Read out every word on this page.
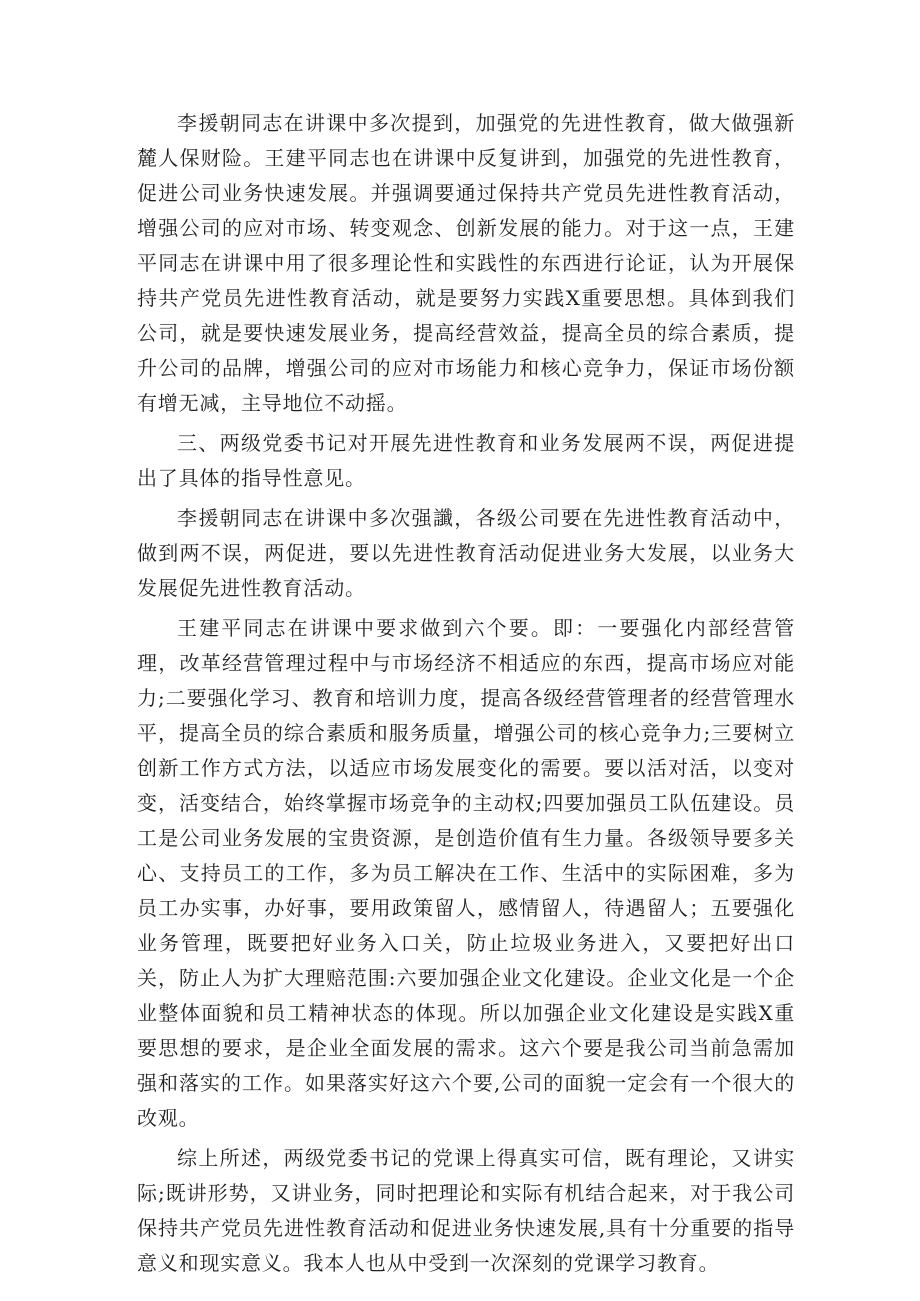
李援朝同志在讲课中多次提到，加强党的先进性教育，做大做强新麓人保财险。王建平同志也在讲课中反复讲到，加强党的先进性教育，促进公司业务快速发展。并强调要通过保持共产党员先进性教育活动，增强公司的应对市场、转变观念、创新发展的能力。对于这一点，王建平同志在讲课中用了很多理论性和实践性的东西进行论证，认为开展保持共产党员先进性教育活动，就是要努力实践X重要思想。具体到我们公司，就是要快速发展业务，提高经营效益，提高全员的综合素质，提升公司的品牌，增强公司的应对市场能力和核心竞争力，保证市场份额有增无减，主导地位不动摇。

三、两级党委书记对开展先进性教育和业务发展两不误，两促进提出了具体的指导性意见。

李援朝同志在讲课中多次强讖，各级公司要在先进性教育活动中，做到两不误，两促进，要以先进性教育活动促进业务大发展，以业务大发展促先进性教育活动。

王建平同志在讲课中要求做到六个要。即：一要强化内部经营管理，改革经营管理过程中与市场经济不相适应的东西，提高市场应对能力;二要强化学习、教育和培训力度，提高各级经营管理者的经营管理水平，提高全员的综合素质和服务质量，增强公司的核心竞争力;三要树立创新工作方式方法，以适应市场发展变化的需要。要以活对活，以变对变，活变结合，始终掌握市场竞争的主动权;四要加强员工队伍建设。员工是公司业务发展的宝贵资源，是创造价值有生力量。各级领导要多关心、支持员工的工作，多为员工解决在工作、生活中的实际困难，多为员工办实事，办好事，要用政策留人，感情留人，待遇留人；五要强化业务管理，既要把好业务入口关，防止垃圾业务进入，又要把好出口关，防止人为扩大理赔范围:六要加强企业文化建设。企业文化是一个企业整体面貌和员工精神状态的体现。所以加强企业文化建设是实践X重要思想的要求，是企业全面发展的需求。这六个要是我公司当前急需加强和落实的工作。如果落实好这六个要,公司的面貌一定会有一个很大的改观。

综上所述，两级党委书记的党课上得真实可信，既有理论，又讲实际;既讲形势，又讲业务，同时把理论和实际有机结合起来，对于我公司保持共产党员先进性教育活动和促进业务快速发展,具有十分重要的指导意义和现实意义。我本人也从中受到一次深刻的党课学习教育。
